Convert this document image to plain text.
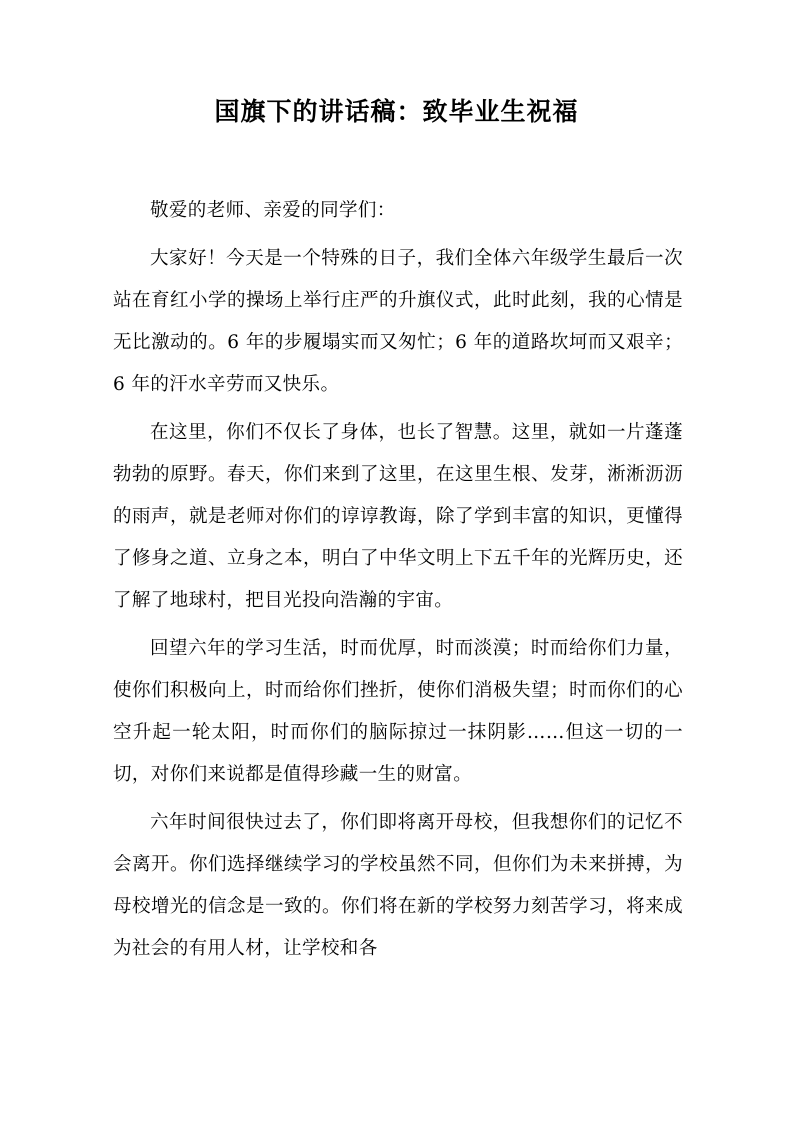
国旗下的讲话稿：致毕业生祝福

敬爱的老师、亲爱的同学们：

大家好！今天是一个特殊的日子，我们全体六年级学生最后一次站在育红小学的操场上举行庄严的升旗仪式，此时此刻，我的心情是无比激动的。6 年的步履塌实而又匆忙；6 年的道路坎坷而又艰辛；6 年的汗水辛劳而又快乐。

在这里，你们不仅长了身体，也长了智慧。这里，就如一片蓬蓬勃勃的原野。春天，你们来到了这里，在这里生根、发芽，淅淅沥沥的雨声，就是老师对你们的谆谆教诲，除了学到丰富的知识，更懂得了修身之道、立身之本，明白了中华文明上下五千年的光辉历史，还了解了地球村，把目光投向浩瀚的宇宙。

回望六年的学习生活，时而优厚，时而淡漠；时而给你们力量，使你们积极向上，时而给你们挫折，使你们消极失望；时而你们的心空升起一轮太阳，时而你们的脑际掠过一抹阴影……但这一切的一切，对你们来说都是值得珍藏一生的财富。

六年时间很快过去了，你们即将离开母校，但我想你们的记忆不会离开。你们选择继续学习的学校虽然不同，但你们为未来拼搏，为母校增光的信念是一致的。你们将在新的学校努力刻苦学习，将来成为社会的有用人材，让学校和各
